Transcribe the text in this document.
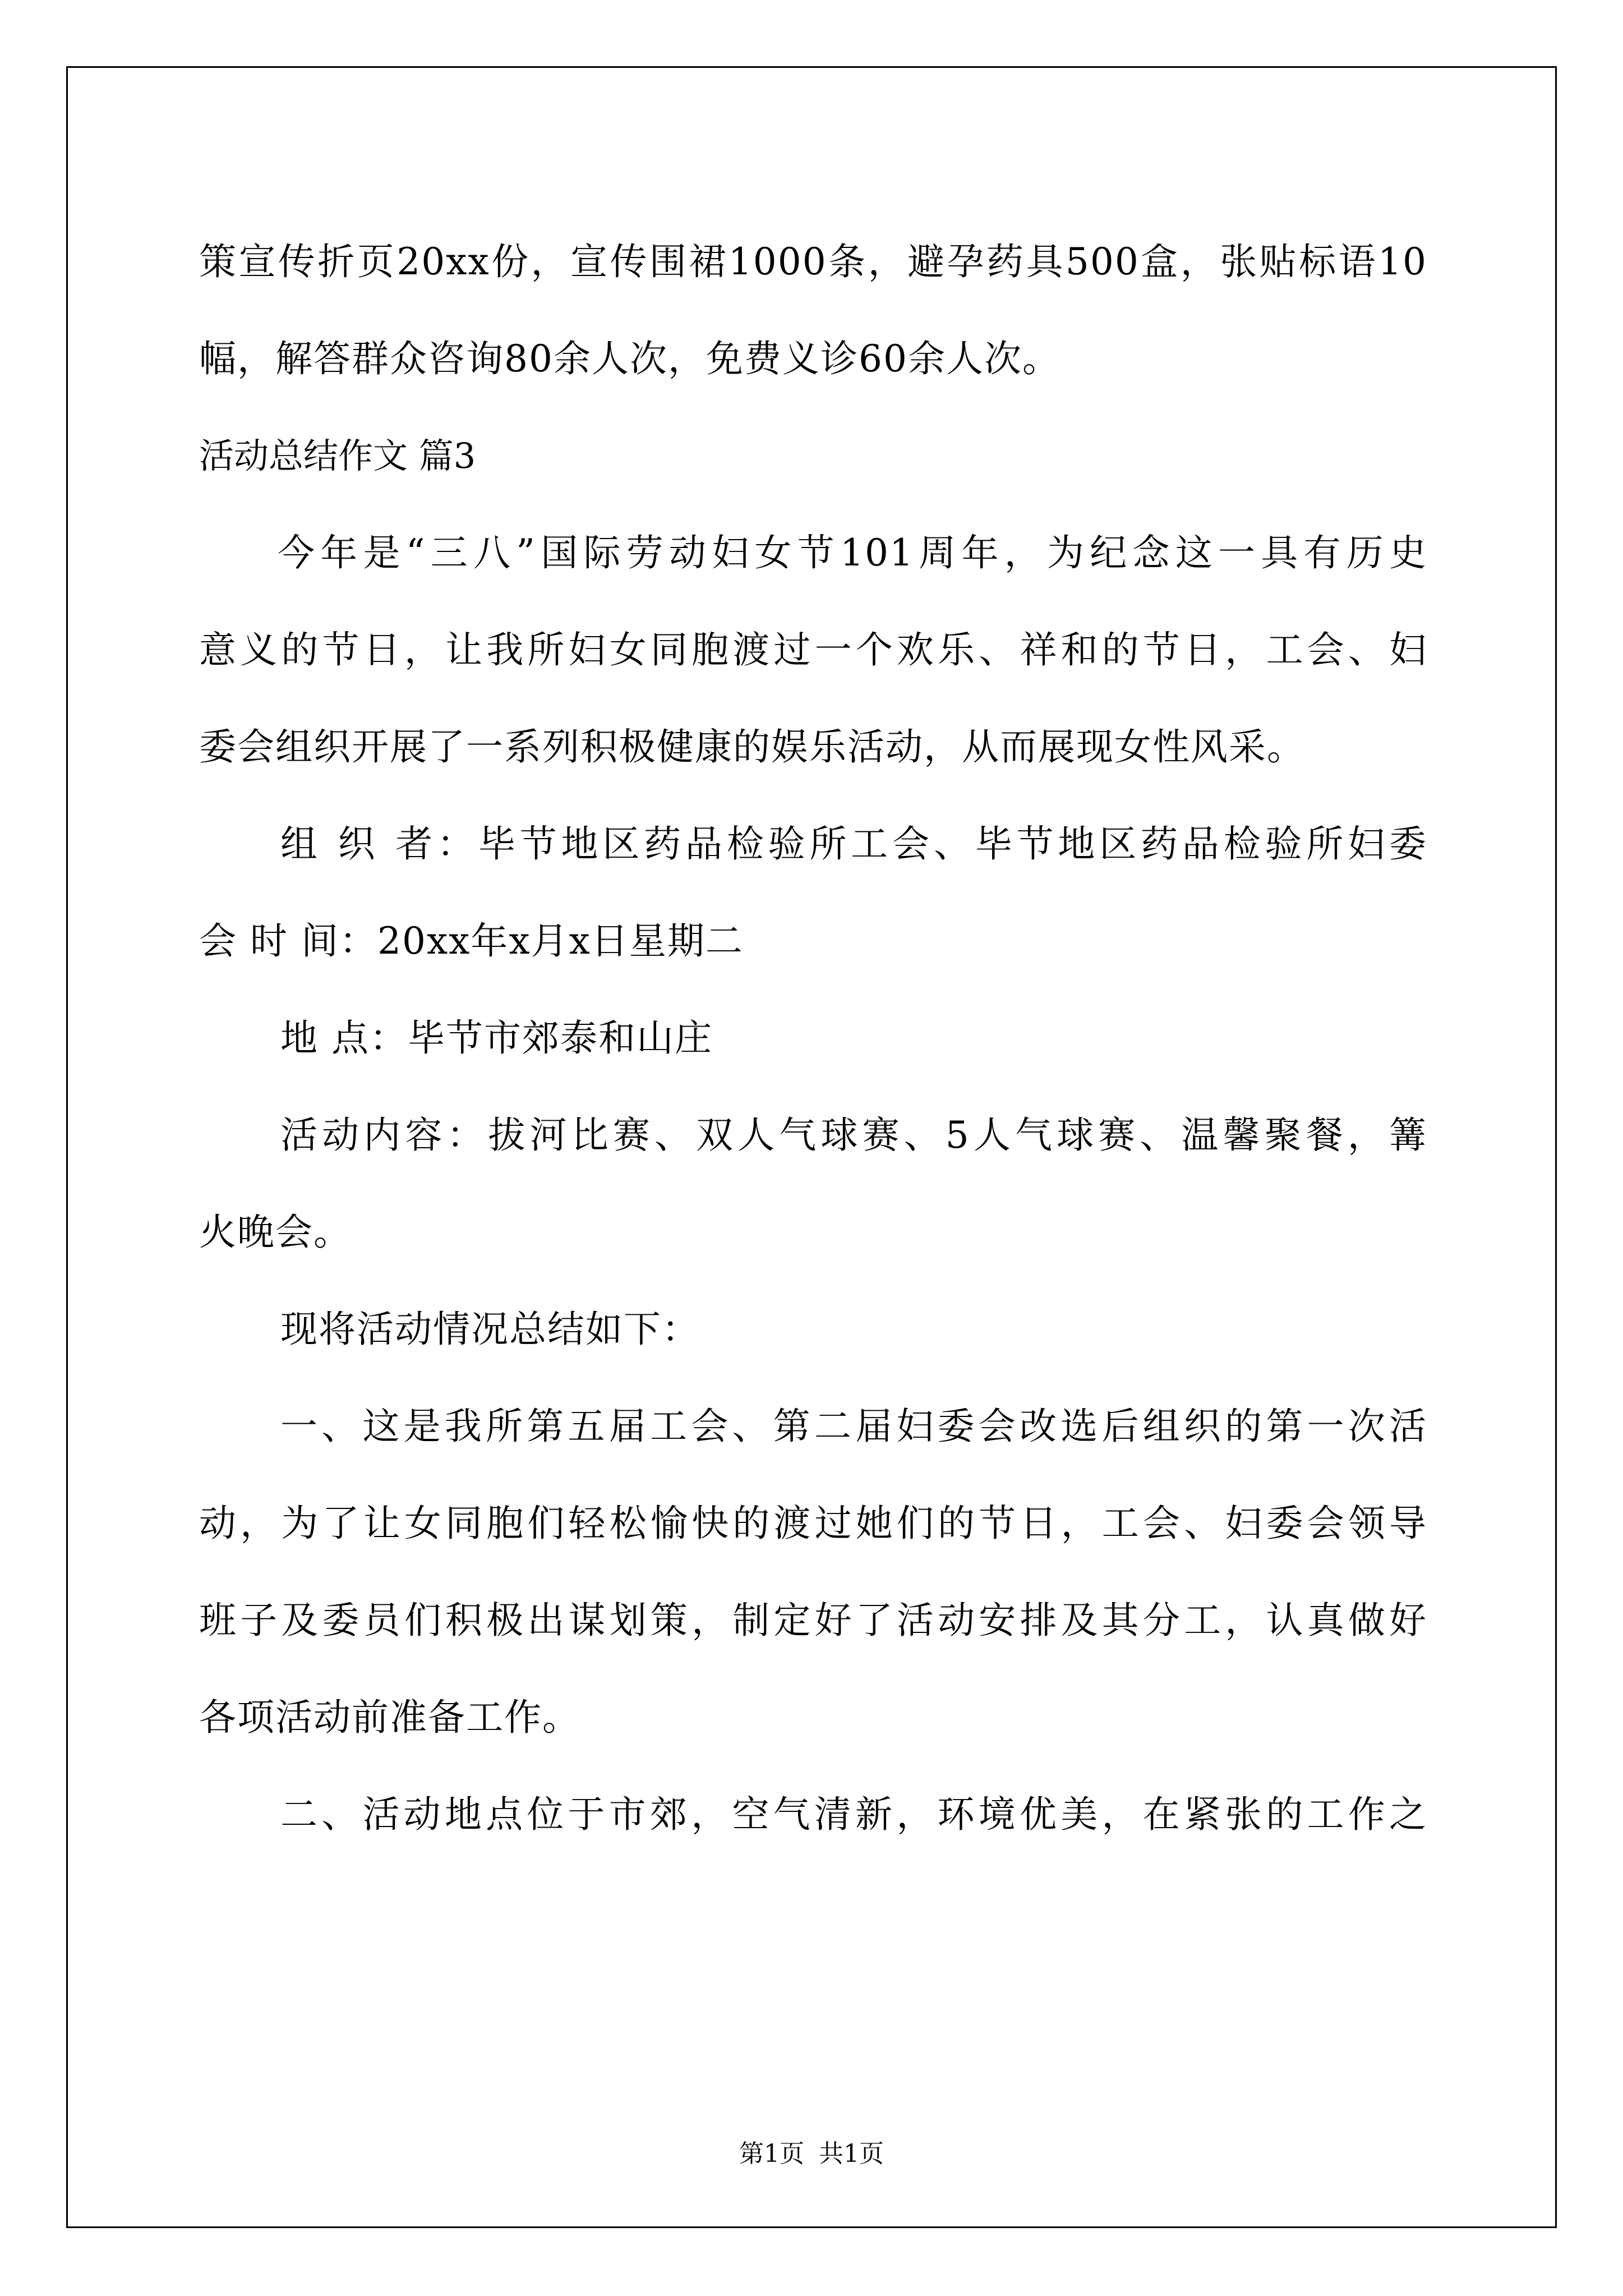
策宣传折页20xx份，宣传围裙1000条，避孕药具500盒，张贴标语10
幅，解答群众咨询80余人次，免费义诊60余人次。
活动总结作文 篇3
今年是“三八”国际劳动妇女节101周年，为纪念这一具有历史
意义的节日，让我所妇女同胞渡过一个欢乐、祥和的节日，工会、妇
委会组织开展了一系列积极健康的娱乐活动，从而展现女性风采。
组 织 者：毕节地区药品检验所工会、毕节地区药品检验所妇委
会 时 间：20xx年x月x日星期二
地 点：毕节市郊泰和山庄
活动内容：拔河比赛、双人气球赛、5人气球赛、温馨聚餐，篝
火晚会。
现将活动情况总结如下：
一、这是我所第五届工会、第二届妇委会改选后组织的第一次活
动，为了让女同胞们轻松愉快的渡过她们的节日，工会、妇委会领导
班子及委员们积极出谋划策，制定好了活动安排及其分工，认真做好
各项活动前准备工作。
二、活动地点位于市郊，空气清新，环境优美，在紧张的工作之
第1页 共1页
